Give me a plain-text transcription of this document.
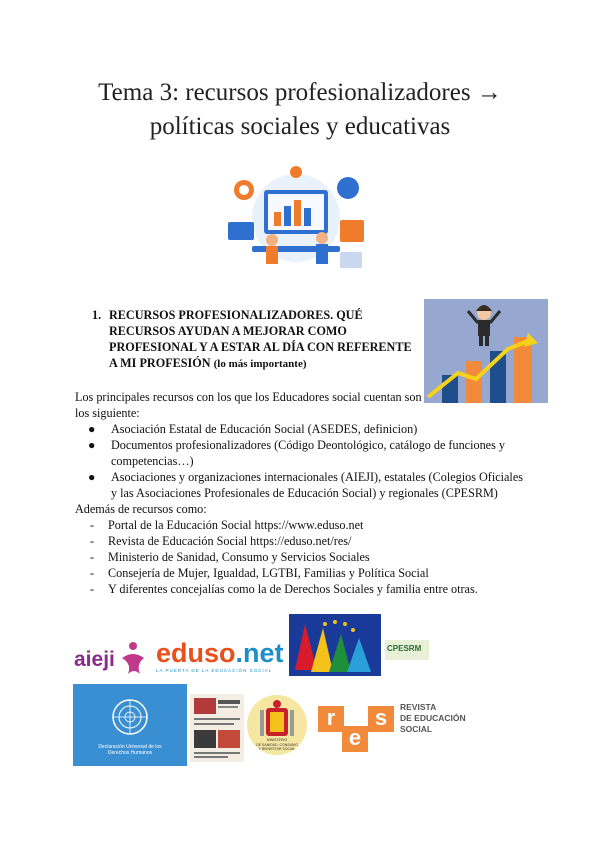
Tema 3: recursos profesionalizadores →
políticas sociales y educativas
1. RECURSOS PROFESIONALIZADORES. QUÉ
RECURSOS AYUDAN A MEJORAR COMO
PROFESIONAL Y A ESTAR AL DÍA CON REFERENTE
A MI PROFESIÓN (lo más importante)

Los principales recursos con los que los Educadores social cuentan son

los siguiente:

● Asociación Estatal de Educación Social (ASEDES, definicion)
● Documentos profesionalizadores (Código Deontológico, catálogo de funciones y competencias…)
● Asociaciones y organizaciones internacionales (AIEJI), estatales (Colegios Oficiales y las Asociaciones Profesionales de Educación Social) y regionales (CPESRM)

Además de recursos como:

- Portal de la Educación Social https://www.eduso.net
- Revista de Educación Social https://eduso.net/res/
- Ministerio de Sanidad, Consumo y Servicios Sociales
- Consejería de Mujer, Igualdad, LGTBI, Familias y Política Social
- Y diferentes concejalías como la de Derechos Sociales y familia entre otras.
aieji eduso.net
LA PUERTA DE LA EDUCACIÓN SOCIAL
CPESRM
Declaración Universal de los
Derechos Humanos
MINISTERIO
DE SANIDAD, CONSUMO
Y BIENESTAR SOCIAL
r
e
s	REVISTA
DE EDUCACIÓN
SOCIAL
